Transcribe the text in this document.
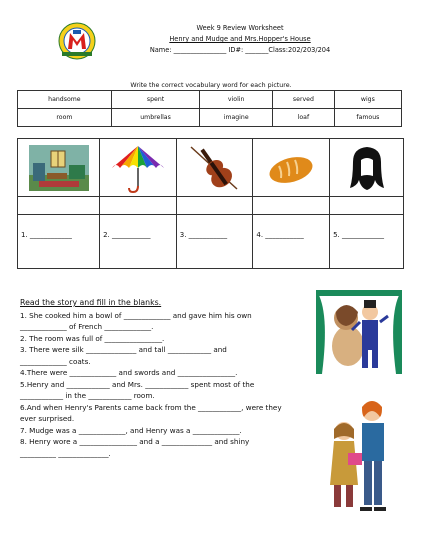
Week 9 Review Worksheet
Henry and Mudge and Mrs.Hopper's House
Name: ________________ ID#: _______Class:202/203/204
Write the correct vocabulary word for each picture.
handsome	spent	violin	served	wigs
room	umbrellas	imagine	loaf	famous

1. ____________	2. ___________	3. ___________	4. ___________	5. ____________
Read the story and fill in the blanks.
1. She cooked him a bowl of _____________ and gave him his own
_____________ of French _____________.
2. The room was full of ________________.
3. There were silk ______________ and tall ____________ and
_____________ coats.
4.There were _____________ and swords and ________________.
5.Henry and ____________ and Mrs. ____________ spent most of the
____________ in the ____________ room.
6.And when Henry's Parents came back from the ____________, were they
ever surprised.
7. Mudge was a _____________, and Henry was a _____________.
8. Henry wore a ________________ and a ______________ and shiny
__________ ______________.
